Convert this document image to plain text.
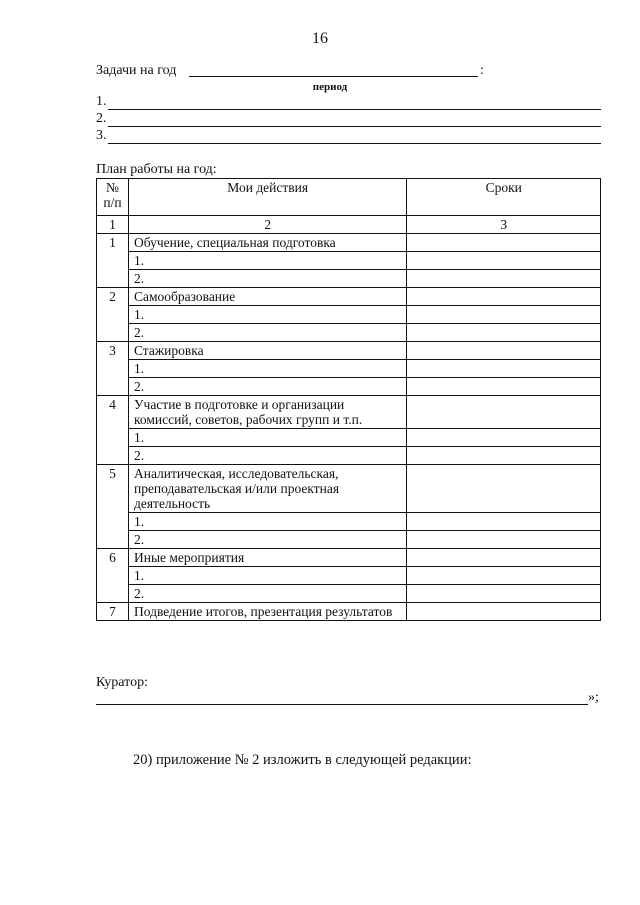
16
Задачи на год	:
период
1.
2.
3.
План работы на год:
№ п/п	Мои действия	Сроки
1	2	3
1	Обучение, специальная подготовка	
	1.	
	2.	
2	Самообразование	
	1.	
	2.	
3	Стажировка	
	1.	
	2.	
4	Участие в подготовке и организации комиссий, советов, рабочих групп и т.п.	
	1.	
	2.	
5	Аналитическая, исследовательская, преподавательская и/или проектная деятельность	
	1.	
	2.	
6	Иные мероприятия	
	1.	
	2.	
7	Подведение итогов, презентация результатов	
Куратор:
»;
20) приложение № 2 изложить в следующей редакции:
